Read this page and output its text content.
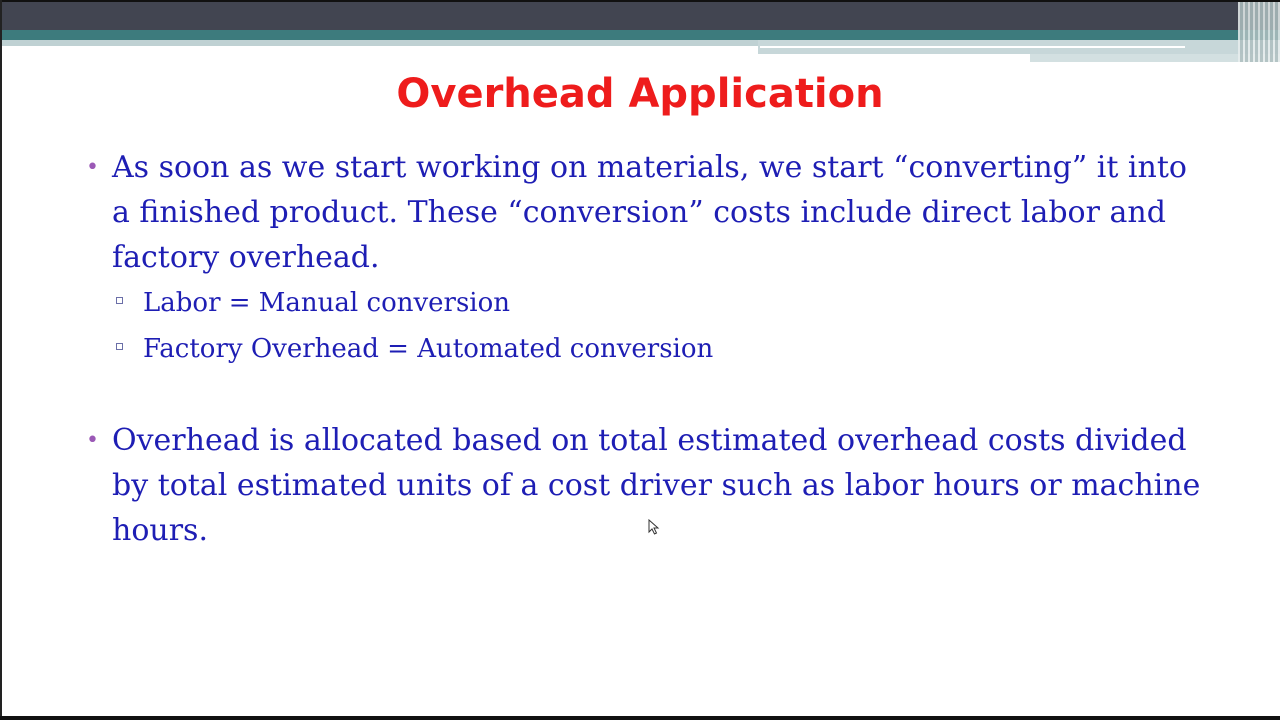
Overhead Application

• As soon as we start working on materials, we start “converting” it into a finished product. These “conversion” costs include direct labor and factory overhead.

Labor = Manual conversion
Factory Overhead = Automated conversion

• Overhead is allocated based on total estimated overhead costs divided by total estimated units of a cost driver such as labor hours or machine hours.
